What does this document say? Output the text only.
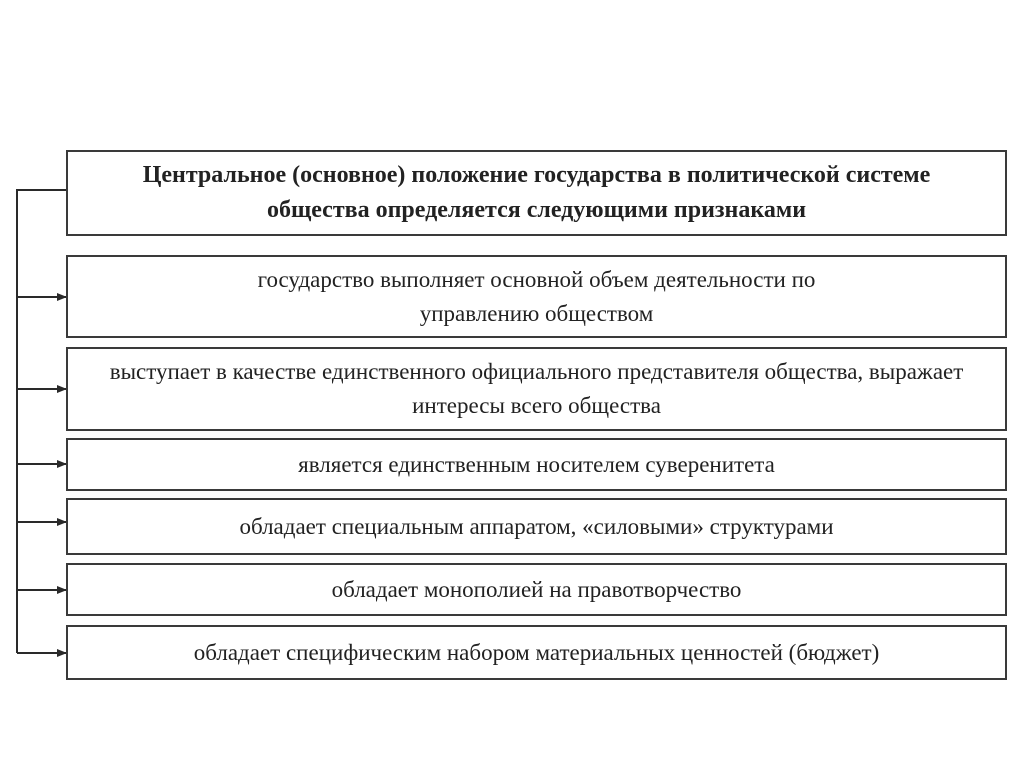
Центральное (основное) положение государства в политической системе общества определяется следующими признаками
государство выполняет основной объем деятельности по управлению обществом
выступает в качестве единственного официального представителя общества, выражает интересы всего общества
является единственным носителем суверенитета
обладает специальным аппаратом, «силовыми» структурами
обладает монополией на правотворчество
обладает специфическим набором материальных ценностей (бюджет)
